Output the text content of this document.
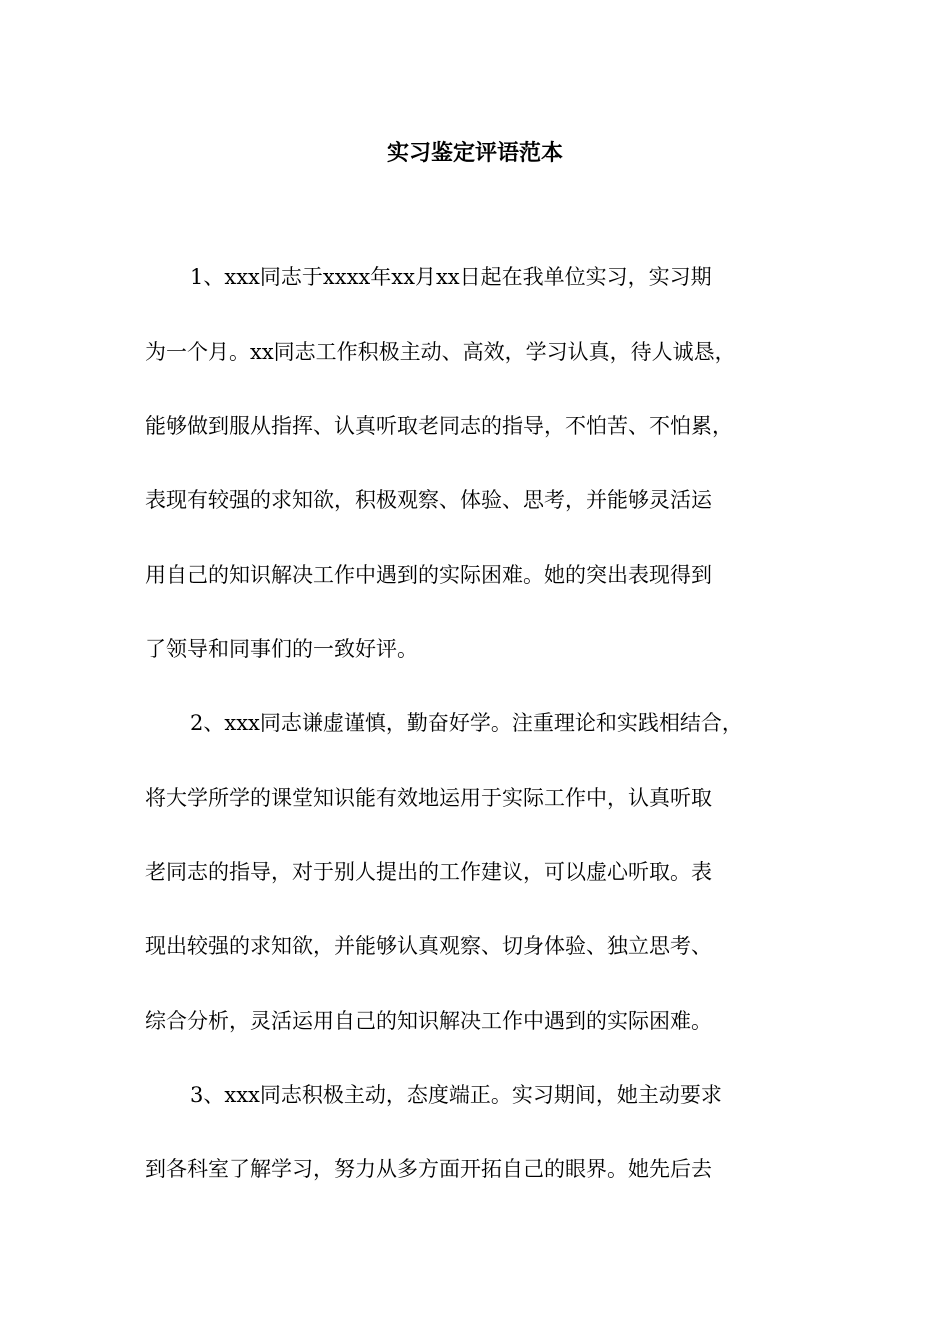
实习鉴定评语范本

1、xxx同志于xxxx年xx月xx日起在我单位实习，实习期

为一个月。xx同志工作积极主动、高效，学习认真，待人诚恳，

能够做到服从指挥、认真听取老同志的指导，不怕苦、不怕累，

表现有较强的求知欲，积极观察、体验、思考，并能够灵活运

用自己的知识解决工作中遇到的实际困难。她的突出表现得到

了领导和同事们的一致好评。

2、xxx同志谦虚谨慎，勤奋好学。注重理论和实践相结合，

将大学所学的课堂知识能有效地运用于实际工作中，认真听取

老同志的指导，对于别人提出的工作建议，可以虚心听取。表

现出较强的求知欲，并能够认真观察、切身体验、独立思考、

综合分析，灵活运用自己的知识解决工作中遇到的实际困难。

3、xxx同志积极主动，态度端正。实习期间，她主动要求

到各科室了解学习，努力从多方面开拓自己的眼界。她先后去
